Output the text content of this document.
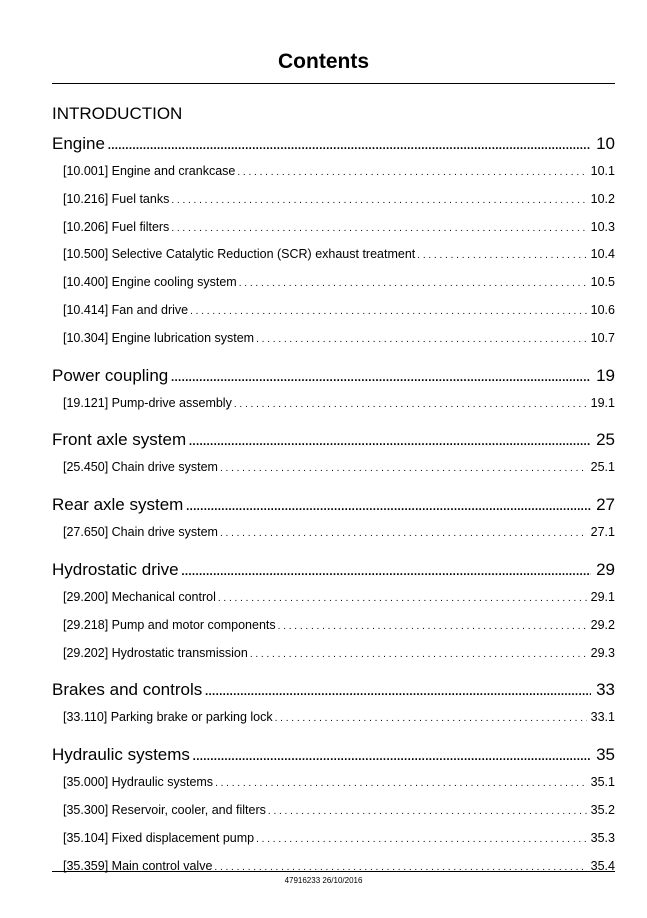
Contents
INTRODUCTION
Engine .....	10
[10.001] Engine and crankcase . . .	10.1
[10.216] Fuel tanks . . .	10.2
[10.206] Fuel filters . . .	10.3
[10.500] Selective Catalytic Reduction (SCR) exhaust treatment . . .	10.4
[10.400] Engine cooling system . . .	10.5
[10.414] Fan and drive . . .	10.6
[10.304] Engine lubrication system . . .	10.7
Power coupling .....	19
[19.121] Pump-drive assembly . . .	19.1
Front axle system .....	25
[25.450] Chain drive system . . .	25.1
Rear axle system .....	27
[27.650] Chain drive system . . .	27.1
Hydrostatic drive .....	29
[29.200] Mechanical control . . .	29.1
[29.218] Pump and motor components . . .	29.2
[29.202] Hydrostatic transmission . . .	29.3
Brakes and controls .....	33
[33.110] Parking brake or parking lock . . .	33.1
Hydraulic systems .....	35
[35.000] Hydraulic systems . . .	35.1
[35.300] Reservoir, cooler, and filters . . .	35.2
[35.104] Fixed displacement pump . . .	35.3
[35.359] Main control valve . . .	35.4
47916233 26/10/2016
